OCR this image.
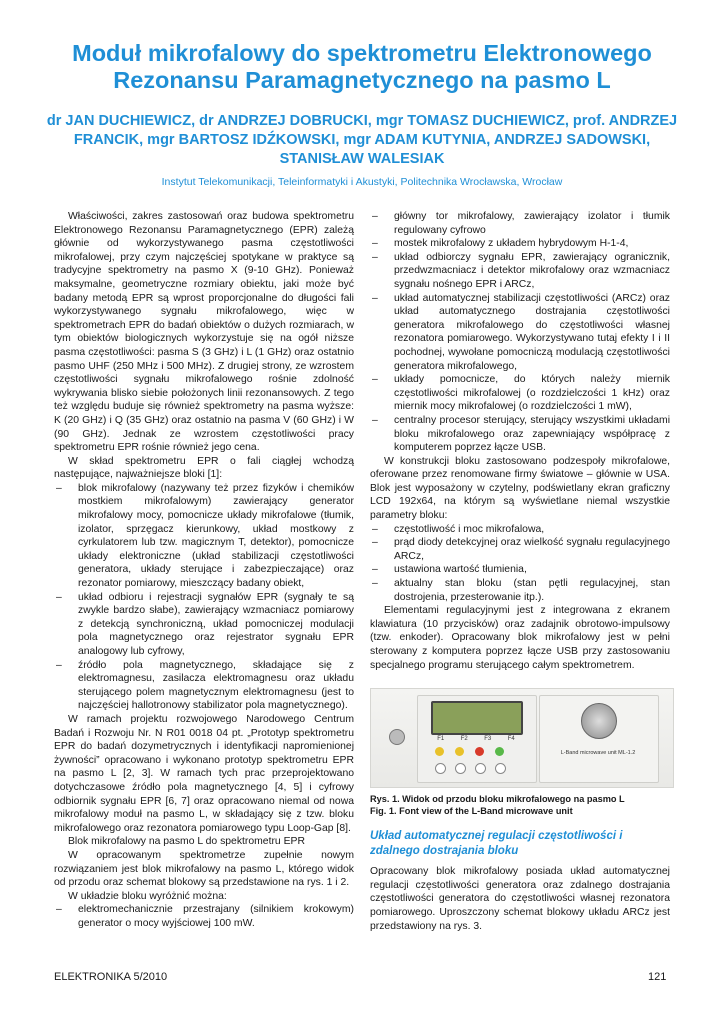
Moduł mikrofalowy do spektrometru Elektronowego Rezonansu Paramagnetycznego na pasmo L

dr JAN DUCHIEWICZ, dr ANDRZEJ DOBRUCKI, mgr TOMASZ DUCHIEWICZ, prof. ANDRZEJ FRANCIK, mgr BARTOSZ IDŹKOWSKI, mgr ADAM KUTYNIA, ANDRZEJ SADOWSKI, STANISŁAW WALESIAK

Instytut Telekomunikacji, Teleinformatyki i Akustyki, Politechnika Wrocławska, Wrocław

Właściwości, zakres zastosowań oraz budowa spektrometru Elektronowego Rezonansu Paramagnetycznego (EPR) zależą głównie od wykorzystywanego pasma częstotliwości mikrofalowej, przy czym najczęściej spotykane w praktyce są tradycyjne spektrometry na pasmo X (9-10 GHz). Ponieważ maksymalne, geometryczne rozmiary obiektu, jaki może być badany metodą EPR są wprost proporcjonalne do długości fali wykorzystywanego sygnału mikrofalowego, więc w spektrometrach EPR do badań obiektów o dużych rozmiarach, w tym obiektów biologicznych wykorzystuje się na ogół niższe pasma częstotliwości: pasma S (3 GHz) i L (1 GHz) oraz ostatnio pasmo UHF (250 MHz i 500 MHz). Z drugiej strony, ze wzrostem częstotliwości sygnału mikrofalowego rośnie zdolność wykrywania blisko siebie położonych linii rezonansowych. Z tego też względu buduje się również spektrometry na pasma wyższe: K (20 GHz) i Q (35 GHz) oraz ostatnio na pasma V (60 GHz) i W (90 GHz). Jednak ze wzrostem częstotliwości pracy spektrometru EPR rośnie również jego cena.

W skład spektrometru EPR o fali ciągłej wchodzą następujące, najważniejsze bloki [1]:

– blok mikrofalowy (nazywany też przez fizyków i chemików mostkiem mikrofalowym) zawierający generator mikrofalowy mocy, pomocnicze układy mikrofalowe (tłumik, izolator, sprzęgacz kierunkowy, układ mostkowy z cyrkulatorem lub tzw. magicznym T, detektor), pomocnicze układy elektroniczne (układ stabilizacji częstotliwości generatora, układy sterujące i zabezpieczające) oraz rezonator pomiarowy, mieszczący badany obiekt,
– układ odbioru i rejestracji sygnałów EPR (sygnały te są zwykle bardzo słabe), zawierający wzmacniacz pomiarowy z detekcją synchroniczną, układ pomocniczej modulacji pola magnetycznego oraz rejestrator sygnału EPR analogowy lub cyfrowy,
– źródło pola magnetycznego, składające się z elektromagnesu, zasilacza elektromagnesu oraz układu sterującego polem magnetycznym elektromagnesu (jest to najczęściej hallotronowy stabilizator pola magnetycznego).

W ramach projektu rozwojowego Narodowego Centrum Badań i Rozwoju Nr. N R01 0018 04 pt. „Prototyp spektrometru EPR do badań dozymetrycznych i identyfikacji napromienionej żywności” opracowano i wykonano prototyp spektrometru EPR na pasmo L [2, 3]. W ramach tych prac przeprojektowano dotychczasowe źródło pola magnetycznego [4, 5] i cyfrowy odbiornik sygnału EPR [6, 7] oraz opracowano niemal od nowa mikrofalowy moduł na pasmo L, w składający się z tzw. bloku mikrofalowego oraz rezonatora pomiarowego typu Loop-Gap [8].

Blok mikrofalowy na pasmo L do spektrometru EPR

W opracowanym spektrometrze zupełnie nowym rozwiązaniem jest blok mikrofalowy na pasmo L, którego widok od przodu oraz schemat blokowy są przedstawione na rys. 1 i 2.

W układzie bloku wyróżnić można:

– elektromechanicznie przestrajany (silnikiem krokowym) generator o mocy wyjściowej 100 mW.
– główny tor mikrofalowy, zawierający izolator i tłumik regulowany cyfrowo
– mostek mikrofalowy z układem hybrydowym H-1-4,
– układ odbiorczy sygnału EPR, zawierający ogranicznik, przedwzmacniacz i detektor mikrofalowy oraz wzmacniacz sygnału nośnego EPR i ARCz,
– układ automatycznej stabilizacji częstotliwości (ARCz) oraz układ automatycznego dostrajania częstotliwości generatora mikrofalowego do częstotliwości własnej rezonatora pomiarowego. Wykorzystywano tutaj efekty I i II pochodnej, wywołane pomocniczą modulacją częstotliwości generatora mikrofalowego,
– układy pomocnicze, do których należy miernik częstotliwości mikrofalowej (o rozdzielczości 1 kHz) oraz miernik mocy mikrofalowej (o rozdzielczości 1 mW),
– centralny procesor sterujący, sterujący wszystkimi układami bloku mikrofalowego oraz zapewniający współpracę z komputerem poprzez łącze USB.

W konstrukcji bloku zastosowano podzespoły mikrofalowe, oferowane przez renomowane firmy światowe – głównie w USA. Blok jest wyposażony w czytelny, podświetlany ekran graficzny LCD 192x64, na którym są wyświetlane niemal wszystkie parametry bloku:

– częstotliwość i moc mikrofalowa,
– prąd diody detekcyjnej oraz wielkość sygnału regulacyjnego ARCz,
– ustawiona wartość tłumienia,
– aktualny stan bloku (stan pętli regulacyjnej, stan dostrojenia, przesterowanie itp.).

Elementami regulacyjnymi jest z integrowana z ekranem klawiatura (10 przycisków) oraz zadajnik obrotowo-impulsowy (tzw. enkoder). Opracowany blok mikrofalowy jest w pełni sterowany z komputera poprzez łącze USB przy zastosowaniu specjalnego programu sterującego całym spektrometrem.

F1	F2	F3	F4
L-Band microwave unit ML-1.2
Rys. 1. Widok od przodu bloku mikrofalowego na pasmo L
Fig. 1. Font view of the L-Band microwave unit
Układ automatycznej regulacji częstotliwości i zdalnego dostrajania bloku

Opracowany blok mikrofalowy posiada układ automatycznej regulacji częstotliwości generatora oraz zdalnego dostrajania częstotliwości generatora do częstotliwości własnej rezonatora pomiarowego. Uproszczony schemat blokowy układu ARCz jest przedstawiony na rys. 3.

ELEKTRONIKA 5/2010	121
